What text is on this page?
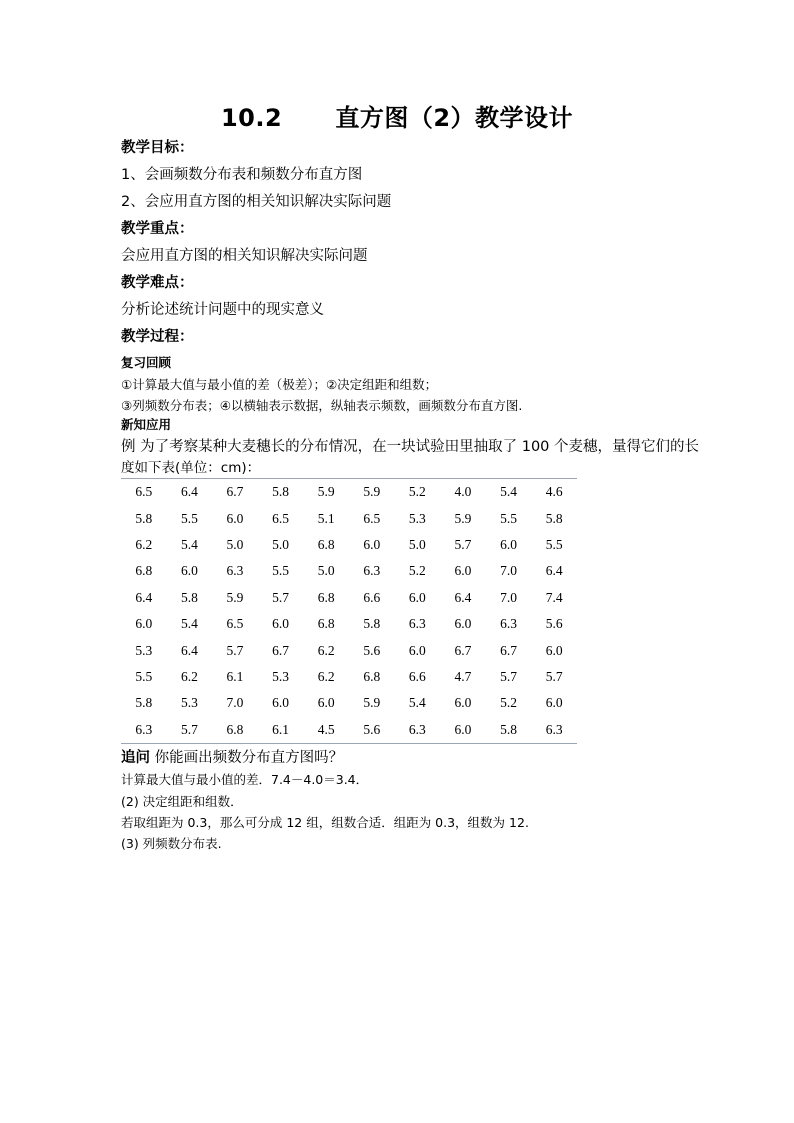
10.2      直方图（2）教学设计
教学目标：
1、会画频数分布表和频数分布直方图
2、会应用直方图的相关知识解决实际问题
教学重点：
会应用直方图的相关知识解决实际问题
教学难点：
分析论述统计问题中的现实意义
教学过程：
复习回顾
①计算最大值与最小值的差（极差）；②决定组距和组数；
③列频数分布表；④以横轴表示数据，纵轴表示频数，画频数分布直方图.
新知应用
例 为了考察某种大麦穗长的分布情况，在一块试验田里抽取了 100 个麦穗，量得它们的长
度如下表(单位：cm)：
6.5	6.4	6.7	5.8	5.9	5.9	5.2	4.0	5.4	4.6
5.8	5.5	6.0	6.5	5.1	6.5	5.3	5.9	5.5	5.8
6.2	5.4	5.0	5.0	6.8	6.0	5.0	5.7	6.0	5.5
6.8	6.0	6.3	5.5	5.0	6.3	5.2	6.0	7.0	6.4
6.4	5.8	5.9	5.7	6.8	6.6	6.0	6.4	7.0	7.4
6.0	5.4	6.5	6.0	6.8	5.8	6.3	6.0	6.3	5.6
5.3	6.4	5.7	6.7	6.2	5.6	6.0	6.7	6.7	6.0
5.5	6.2	6.1	5.3	6.2	6.8	6.6	4.7	5.7	5.7
5.8	5.3	7.0	6.0	6.0	5.9	5.4	6.0	5.2	6.0
6.3	5.7	6.8	6.1	4.5	5.6	6.3	6.0	5.8	6.3
追问 你能画出频数分布直方图吗？
计算最大值与最小值的差．7.4－4.0＝3.4．
(2) 决定组距和组数．
若取组距为 0.3，那么可分成 12 组，组数合适．组距为 0.3，组数为 12.
(3) 列频数分布表.
